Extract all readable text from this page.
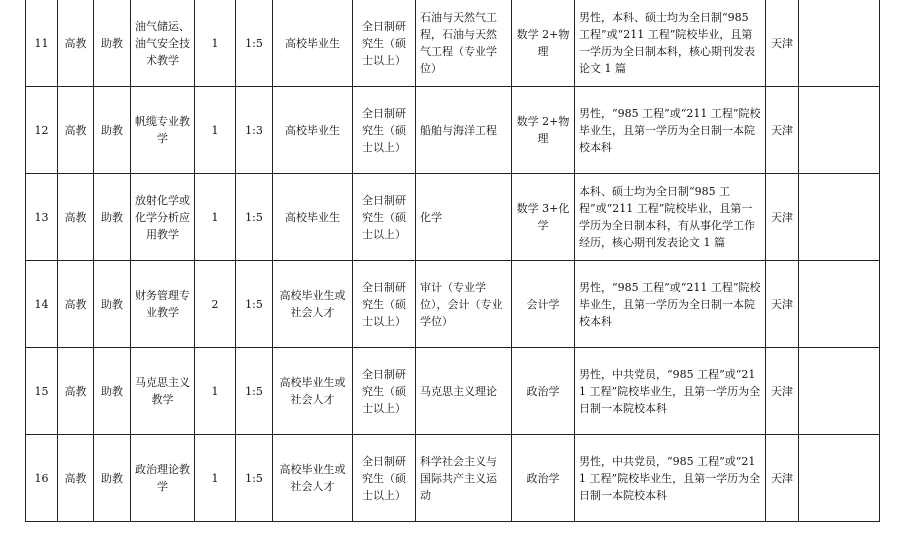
11	高教	助教	油气储运、油气安全技术教学	1	1:5	高校毕业生	全日制研究生（硕士以上）	石油与天然气工程，石油与天然气工程（专业学位）	数学 2+物理	男性，本科、硕士均为全日制“985 工程”或“211 工程”院校毕业，且第一学历为全日制本科，核心期刊发表论文 1 篇	天津	
12	高教	助教	帆缆专业教学	1	1:3	高校毕业生	全日制研究生（硕士以上）	船舶与海洋工程	数学 2+物理	男性，“985 工程”或“211 工程”院校毕业生，且第一学历为全日制一本院校本科	天津	
13	高教	助教	放射化学或化学分析应用教学	1	1:5	高校毕业生	全日制研究生（硕士以上）	化学	数学 3+化学	本科、硕士均为全日制“985 工程”或“211 工程”院校毕业，且第一学历为全日制本科，有从事化学工作经历，核心期刊发表论文 1 篇	天津	
14	高教	助教	财务管理专业教学	2	1:5	高校毕业生或社会人才	全日制研究生（硕士以上）	审计（专业学位），会计（专业学位）	会计学	男性，“985 工程”或“211 工程”院校毕业生，且第一学历为全日制一本院校本科	天津	
15	高教	助教	马克思主义教学	1	1:5	高校毕业生或社会人才	全日制研究生（硕士以上）	马克思主义理论	政治学	男性，中共党员，“985 工程”或“211 工程”院校毕业生，且第一学历为全日制一本院校本科	天津	
16	高教	助教	政治理论教学	1	1:5	高校毕业生或社会人才	全日制研究生（硕士以上）	科学社会主义与国际共产主义运动	政治学	男性，中共党员，“985 工程”或“211 工程”院校毕业生，且第一学历为全日制一本院校本科	天津	
